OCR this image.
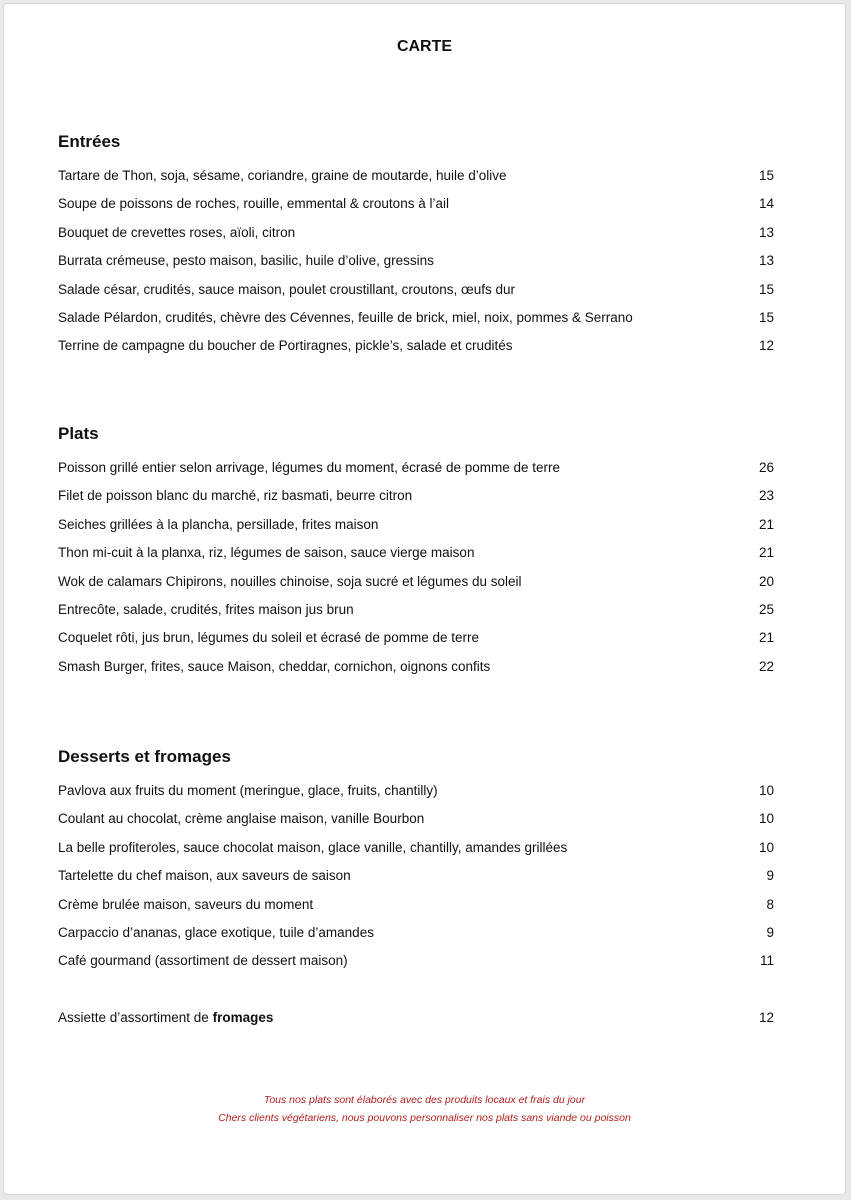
CARTE
Entrées
Tartare de Thon, soja, sésame, coriandre, graine de moutarde, huile d’olive	15
Soupe de poissons de roches, rouille, emmental & croutons à l’ail	14
Bouquet de crevettes roses, aïoli, citron	13
Burrata crémeuse, pesto maison, basilic, huile d’olive, gressins	13
Salade césar, crudités, sauce maison, poulet croustillant, croutons, œufs dur	15
Salade Pélardon, crudités, chèvre des Cévennes, feuille de brick, miel, noix, pommes & Serrano	15
Terrine de campagne du boucher de Portiragnes, pickle’s, salade et crudités	12
Plats
Poisson grillé entier selon arrivage, légumes du moment, écrasé de pomme de terre	26
Filet de poisson blanc du marché, riz basmati, beurre citron	23
Seiches grillées à la plancha, persillade, frites maison	21
Thon mi-cuit à la planxa, riz, légumes de saison, sauce vierge maison	21
Wok de calamars Chipirons, nouilles chinoise, soja sucré et légumes du soleil	20
Entrecôte, salade, crudités, frites maison jus brun	25
Coquelet rôti, jus brun, légumes du soleil et écrasé de pomme de terre	21
Smash Burger, frites, sauce Maison, cheddar, cornichon, oignons confits	22
Desserts et fromages
Pavlova aux fruits du moment (meringue, glace, fruits, chantilly)	10
Coulant au chocolat, crème anglaise maison, vanille Bourbon	10
La belle profiteroles, sauce chocolat maison, glace vanille, chantilly, amandes grillées	10
Tartelette du chef maison, aux saveurs de saison	9
Crème brulée maison, saveurs du moment	8
Carpaccio d’ananas, glace exotique, tuile d’amandes	9
Café gourmand (assortiment de dessert maison)	11
Assiette d’assortiment de fromages	12
Tous nos plats sont élaborés avec des produits locaux et frais du jour
Chers clients végétariens, nous pouvons personnaliser nos plats sans viande ou poisson
